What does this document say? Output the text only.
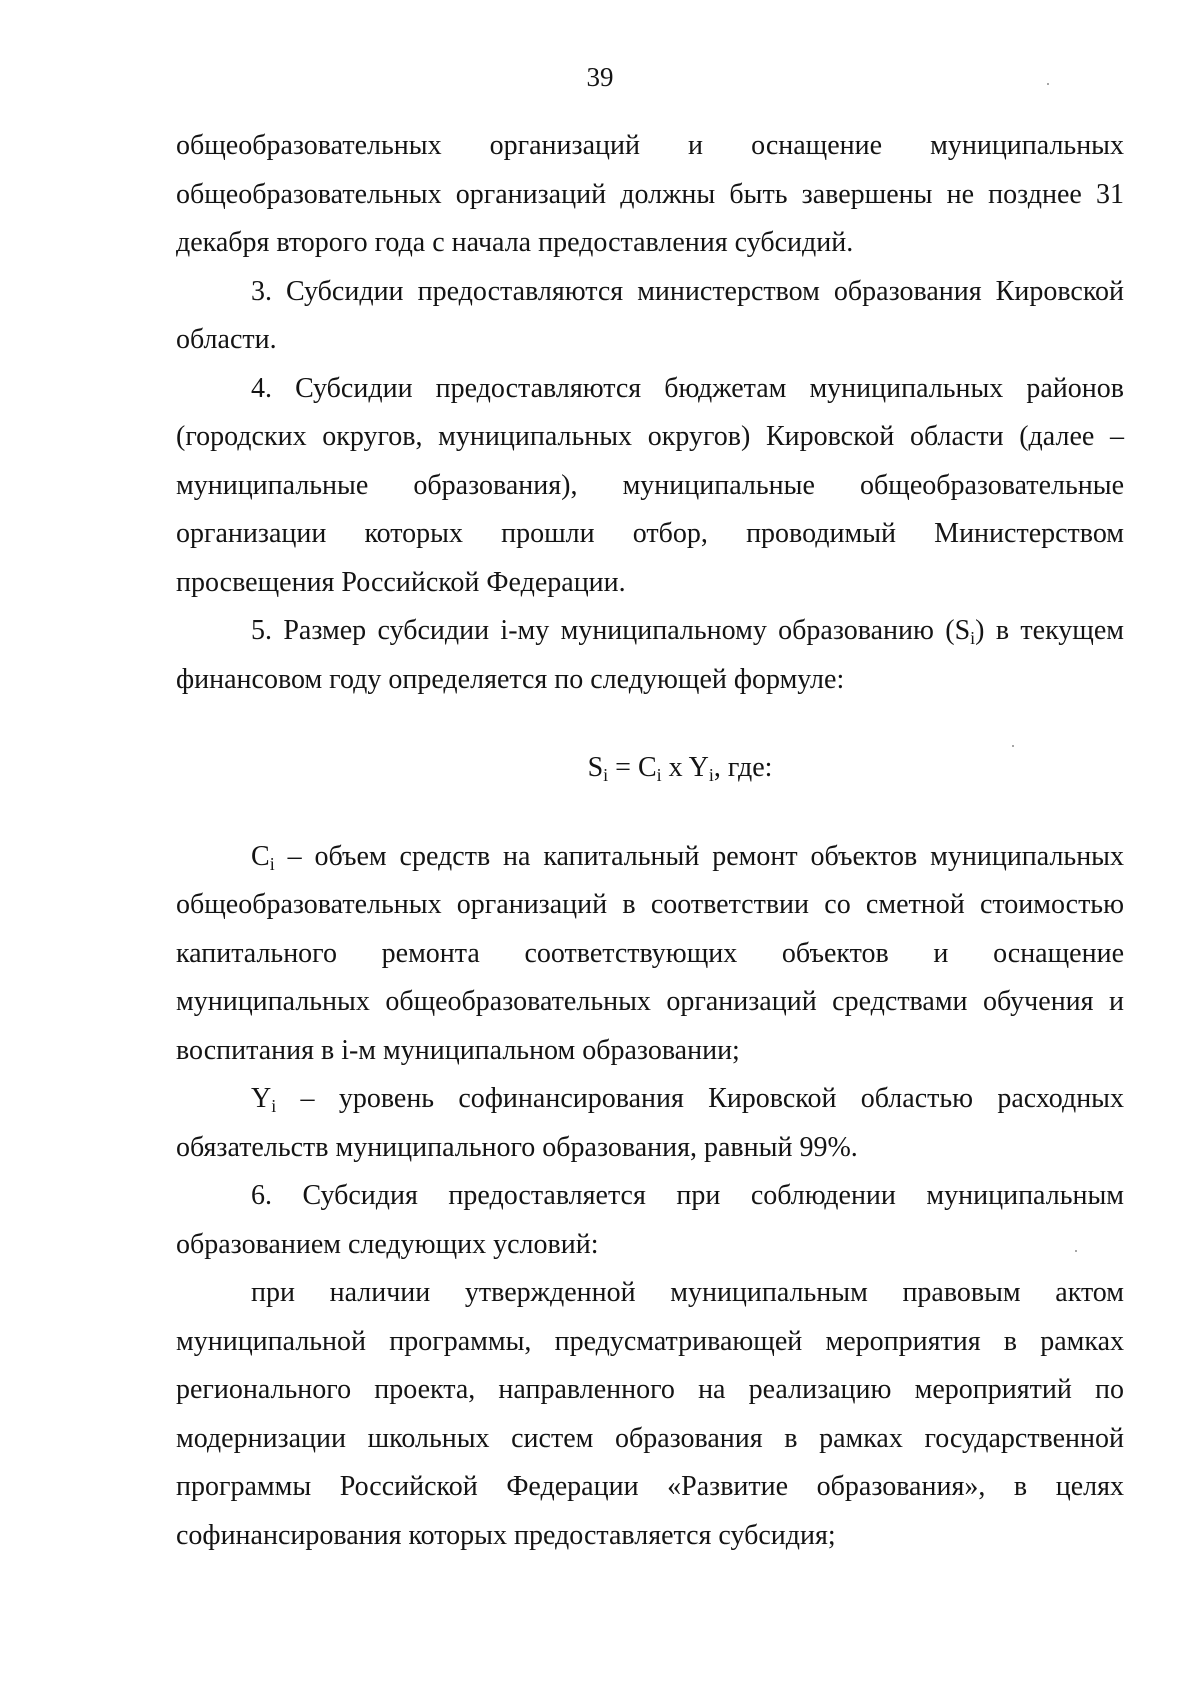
39

общеобразовательных организаций и оснащение муниципальных общеобразовательных организаций должны быть завершены не позднее 31 декабря второго года с начала предоставления субсидий.

3. Субсидии предоставляются министерством образования Кировской области.

4. Субсидии предоставляются бюджетам муниципальных районов (городских округов, муниципальных округов) Кировской области (далее – муниципальные образования), муниципальные общеобразовательные организации которых прошли отбор, проводимый Министерством просвещения Российской Федерации.

5. Размер субсидии i-му муниципальному образованию $(S_i)$ в текущем финансовом году определяется по следующей формуле:

$S_i = C_i$ x $Y_i$, где:

$C_i$ – объем средств на капитальный ремонт объектов муниципальных общеобразовательных организаций в соответствии со сметной стоимостью капитального ремонта соответствующих объектов и оснащение муниципальных общеобразовательных организаций средствами обучения и воспитания в i-м муниципальном образовании;

$Y_i$ – уровень софинансирования Кировской областью расходных обязательств муниципального образования, равный 99%.

6. Субсидия предоставляется при соблюдении муниципальным образованием следующих условий:

при наличии утвержденной муниципальным правовым актом муниципальной программы, предусматривающей мероприятия в рамках регионального проекта, направленного на реализацию мероприятий по модернизации школьных систем образования в рамках государственной программы Российской Федерации «Развитие образования», в целях софинансирования которых предоставляется субсидия;
